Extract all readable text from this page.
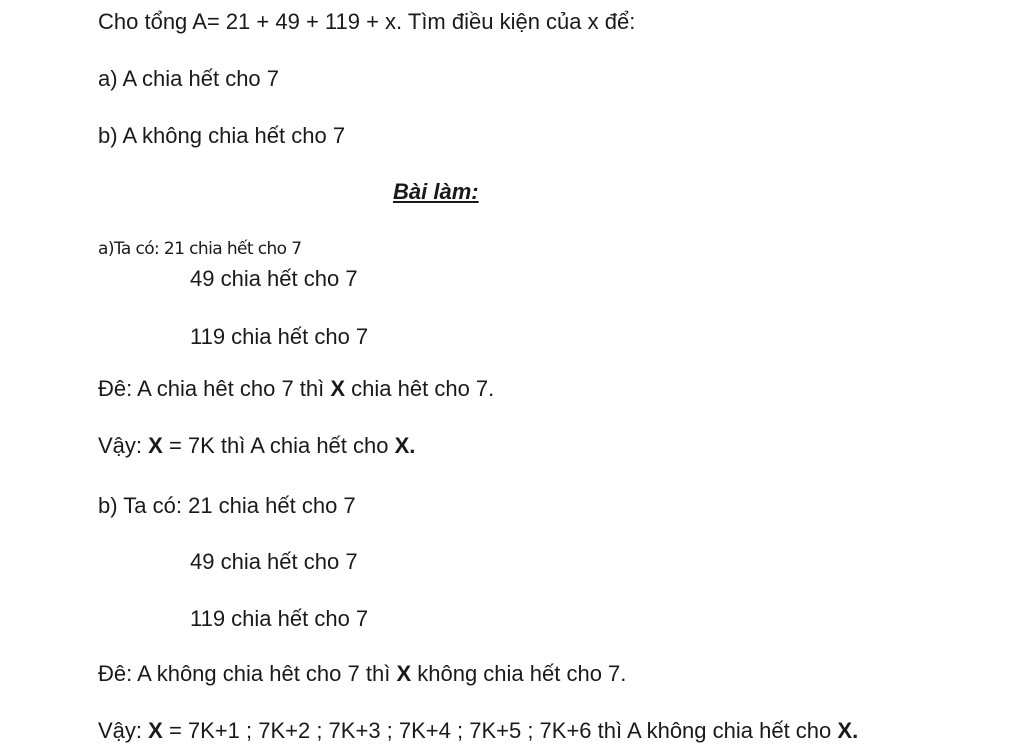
Cho tổng A= 21 + 49 + 119 + x. Tìm điều kiện của x để:
a) A chia hết cho 7
b) A không chia hết cho 7
Bài làm:
a)Ta có: 21 chia hết cho 7
49 chia hết cho 7
119 chia hết cho 7
Đê: A chia hêt cho 7 thì X chia hêt cho 7.
Vậy: X = 7K thì A chia hết cho X.
b) Ta có: 21 chia hết cho 7
49 chia hết cho 7
119 chia hết cho 7
Đê: A không chia hêt cho 7 thì X không chia hết cho 7.
Vậy: X = 7K+1 ; 7K+2 ; 7K+3 ; 7K+4 ; 7K+5 ; 7K+6 thì A không chia hết cho X.
